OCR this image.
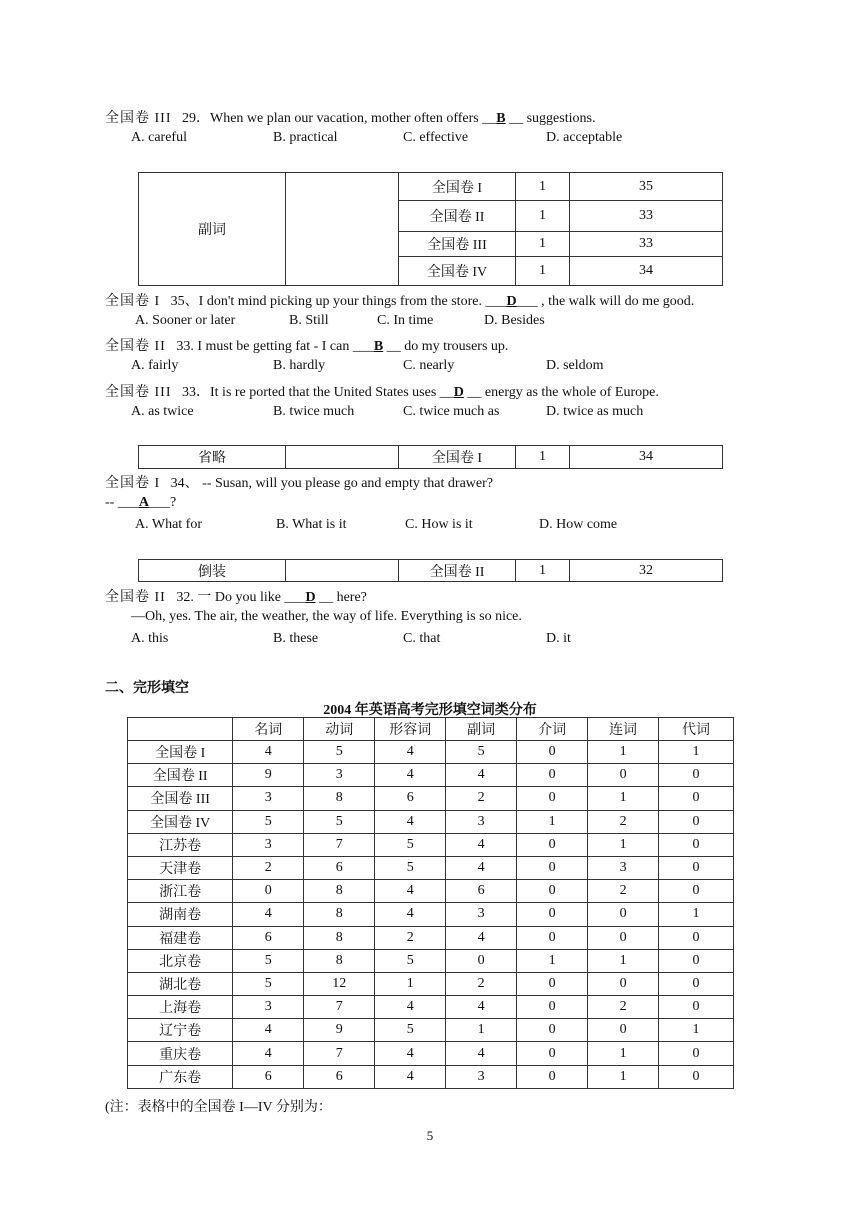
全国卷 III 29．When we plan our vacation, mother often offers __B __ suggestions.
A. careful	B. practical	C. effective	D. acceptable
副词		全国卷 I	1	35
		全国卷 II	1	33
		全国卷 III	1	33
		全国卷 IV	1	34
全国卷 I 35、I don't mind picking up your things from the store. ___D___ , the walk will do me good.
A. Sooner or later	B. Still	C. In time	D. Besides
全国卷 II 33. I must be getting fat - I can ___B __ do my trousers up.
A. fairly	B. hardly	C. nearly	D. seldom
全国卷 III 33．It is re ported that the United States uses __D __ energy as the whole of Europe.
A. as twice	B. twice much	C. twice much as	D. twice as much
省略		全国卷 I	1	34
全国卷 I 34、 -- Susan, will you please go and empty that drawer?
-- ___A___?
A. What for	B. What is it	C. How is it	D. How come
倒装		全国卷 II	1	32
全国卷 II 32. 一 Do you like ___D __ here?
—Oh, yes. The air, the weather, the way of life. Everything is so nice.
A. this	B. these	C. that	D. it
二、完形填空
2004 年英语高考完形填空词类分布
	名词	动词	形容词	副词	介词	连词	代词
全国卷 I	4	5	4	5	0	1	1
全国卷 II	9	3	4	4	0	0	0
全国卷 III	3	8	6	2	0	1	0
全国卷 IV	5	5	4	3	1	2	0
江苏卷	3	7	5	4	0	1	0
天津卷	2	6	5	4	0	3	0
浙江卷	0	8	4	6	0	2	0
湖南卷	4	8	4	3	0	0	1
福建卷	6	8	2	4	0	0	0
北京卷	5	8	5	0	1	1	0
湖北卷	5	12	1	2	0	0	0
上海卷	3	7	4	4	0	2	0
辽宁卷	4	9	5	1	0	0	1
重庆卷	4	7	4	4	0	1	0
广东卷	6	6	4	3	0	1	0
(注：表格中的全国卷 I—IV 分别为：
5
